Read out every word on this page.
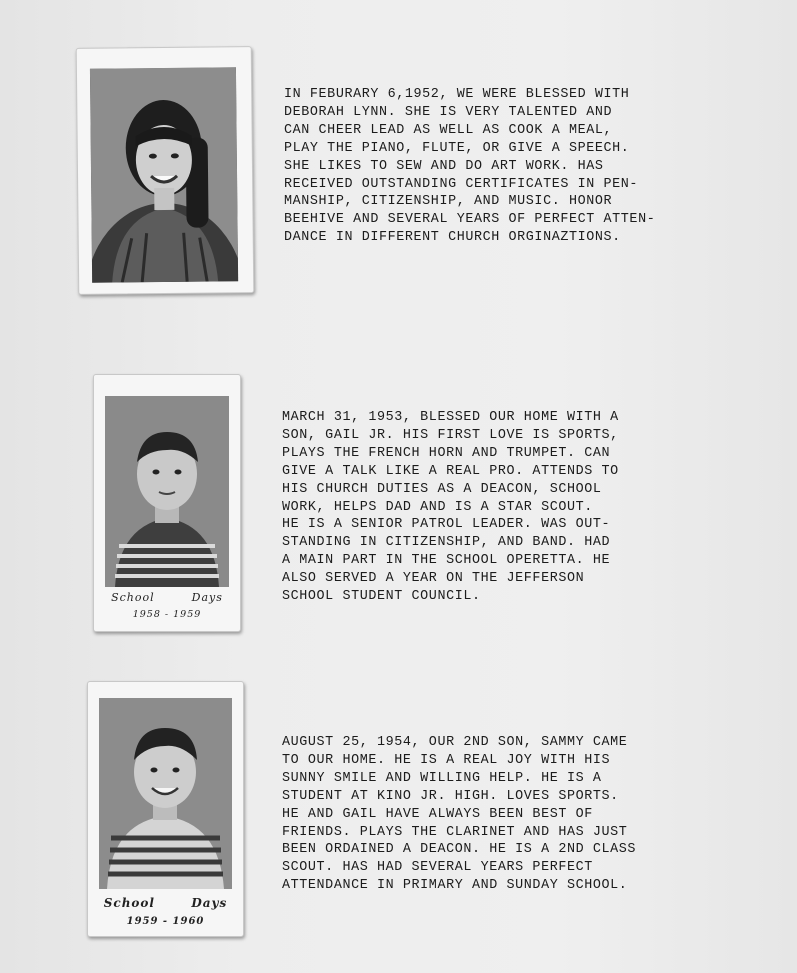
IN FEBURARY 6,1952, WE WERE BLESSED WITH
DEBORAH LYNN. SHE IS VERY TALENTED AND
CAN CHEER LEAD AS WELL AS COOK A MEAL,
PLAY THE PIANO, FLUTE, OR GIVE A SPEECH.
SHE LIKES TO SEW AND DO ART WORK. HAS
RECEIVED OUTSTANDING CERTIFICATES IN PEN-
MANSHIP, CITIZENSHIP, AND MUSIC. HONOR
BEEHIVE AND SEVERAL YEARS OF PERFECT ATTEN-
DANCE IN DIFFERENT CHURCH ORGINAZTIONS.
School	Days
1958 - 1959
MARCH 31, 1953, BLESSED OUR HOME WITH A
SON, GAIL JR. HIS FIRST LOVE IS SPORTS,
PLAYS THE FRENCH HORN AND TRUMPET. CAN
GIVE A TALK LIKE A REAL PRO. ATTENDS TO
HIS CHURCH DUTIES AS A DEACON, SCHOOL
WORK, HELPS DAD AND IS A STAR SCOUT.
HE IS A SENIOR PATROL LEADER. WAS OUT-
STANDING IN CITIZENSHIP, AND BAND. HAD
A MAIN PART IN THE SCHOOL OPERETTA. HE
ALSO SERVED A YEAR ON THE JEFFERSON
SCHOOL STUDENT COUNCIL.
School	Days
1959 - 1960
AUGUST 25, 1954, OUR 2ND SON, SAMMY CAME
TO OUR HOME. HE IS A REAL JOY WITH HIS
SUNNY SMILE AND WILLING HELP. HE IS A
STUDENT AT KINO JR. HIGH. LOVES SPORTS.
HE AND GAIL HAVE ALWAYS BEEN BEST OF
FRIENDS. PLAYS THE CLARINET AND HAS JUST
BEEN ORDAINED A DEACON. HE IS A 2ND CLASS
SCOUT. HAS HAD SEVERAL YEARS PERFECT
ATTENDANCE IN PRIMARY AND SUNDAY SCHOOL.
